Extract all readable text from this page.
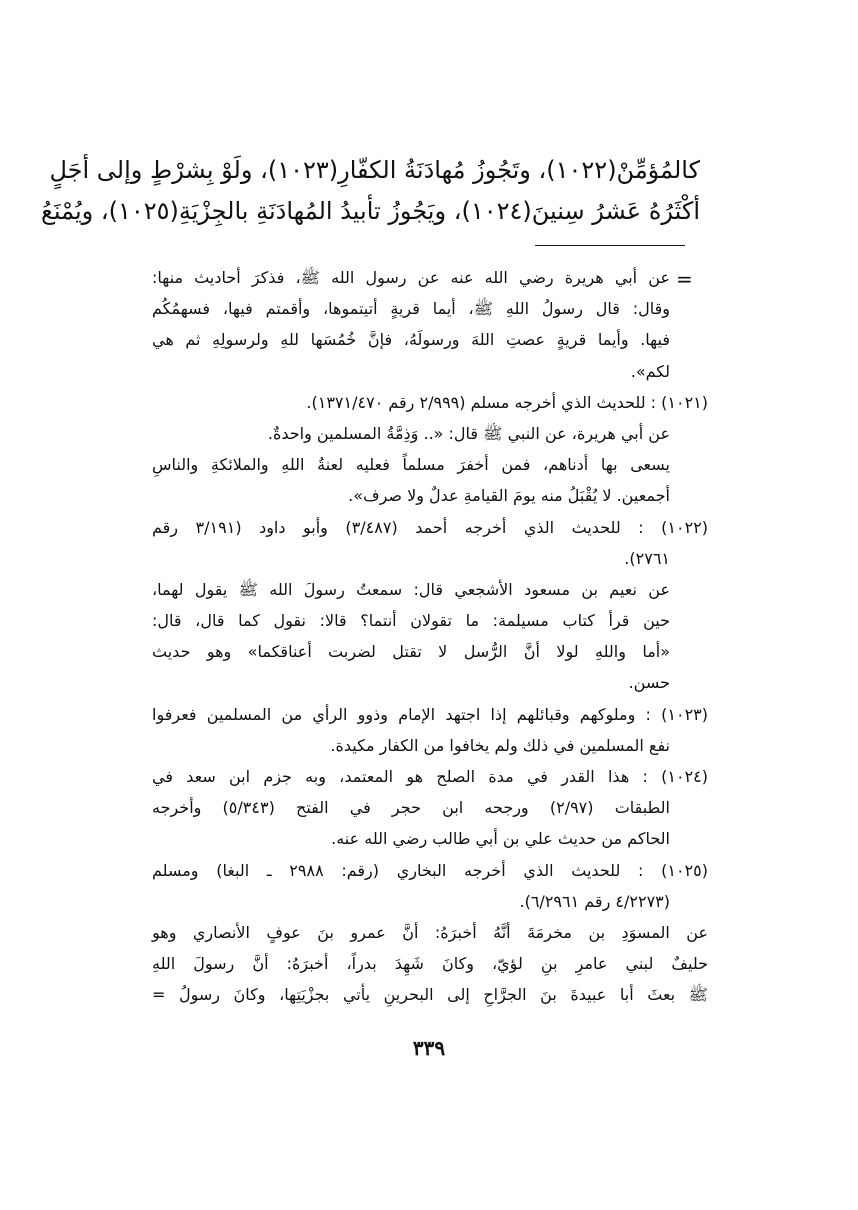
كالمُؤمِّنْ(١٠٢٢)، وتَجُوزُ مُهادَنَةُ الكفّارِ(١٠٢٣)، ولَوْ بِشرْطٍ وإلى أجَلٍ
أكْثَرُهُ عَشرُ سِنينَ(١٠٢٤)، ويَجُوزُ تأبيدُ المُهادَنَةِ بالجِزْيَةِ(١٠٢٥)، ويُمْنَعُ
=
عن أبي هريرة رضي الله عنه عن رسول الله ﷺ، فذكرَ أحاديث منها:
وقال: قال رسولُ اللهِ ﷺ، أيما قريةٍ أتيتموها، وأقمتم فيها، فسهمُكُم
فيها. وأيما قريةٍ عصتِ اللهَ ورسولَهُ، فإنَّ خُمُسَها للهِ ولرسولِهِ ثم هي
لكم».
(١٠٢١) : للحديث الذي أخرجه مسلم (٢/٩٩٩ رقم ١٣٧١/٤٧٠).
عن أبي هريرة، عن النبي ﷺ قال: «.. وَذِمَّةُ المسلمين واحدةٌ.
يسعى بها أدناهم، فمن أخفرَ مسلماً فعليه لعنةُ اللهِ والملائكةِ والناسِ
أجمعين. لا يُقْبَلُ منه يومَ القيامةِ عدلٌ ولا صرف».
(١٠٢٢) : للحديث الذي أخرجه أحمد (٣/٤٨٧) وأبو داود (٣/١٩١ رقم
٢٧٦١).
عن نعيم بن مسعود الأشجعي قال: سمعتُ رسولَ الله ﷺ يقول لهما،
حين قرأ كتاب مسيلمة: ما تقولان أنتما؟ قالا: نقول كما قال، قال:
«أما واللهِ لولا أنَّ الرُّسل لا تقتل لضربت أعناقكما» وهو حديث
حسن.
(١٠٢٣) : وملوكهم وقبائلهم إذا اجتهد الإمام وذوو الرأي من المسلمين فعرفوا
نفع المسلمين في ذلك ولم يخافوا من الكفار مكيدة.
(١٠٢٤) : هذا القدر في مدة الصلح هو المعتمد، وبه جزم ابن سعد في
الطبقات (٢/٩٧) ورجحه ابن حجر في الفتح (٥/٣٤٣) وأخرجه
الحاكم من حديث علي بن أبي طالب رضي الله عنه.
(١٠٢٥) : للحديث الذي أخرجه البخاري (رقم: ٢٩٨٨ ـ البغا) ومسلم
(٤/٢٢٧٣ رقم ٦/٢٩٦١).
عن المسوَدِ بن مخرمَةَ أنَّهُ أخبرَهُ: أنَّ عمرو بنَ عوفٍ الأنصاري وهو
حليفٌ لبني عامرِ بنِ لؤيّ، وكانَ شَهِدَ بدراً، أخبرَهُ: أنَّ رسولَ اللهِ
ﷺ بعثَ أبا عبيدةَ بنَ الجرَّاحِ إلى البحرينِ يأتي بجزْيَتِها، وكانَ رسولُ =
٣٣٩
